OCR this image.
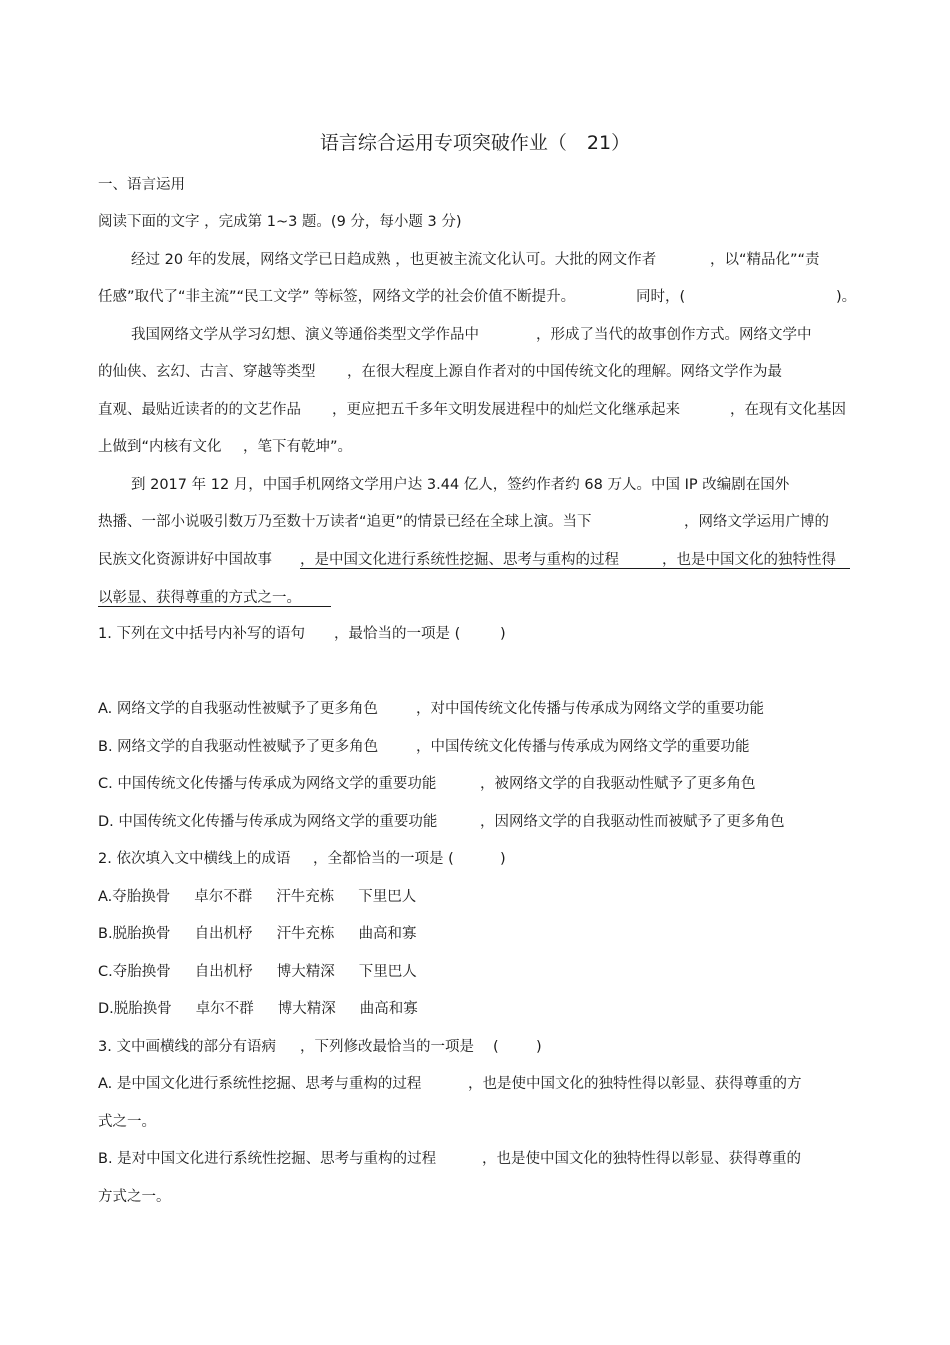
语言综合运用专项突破作业（ 21）
一、语言运用
阅读下面的文字 ，完成第 1~3 题。(9 分，每小题 3 分)
经过 20 年的发展，网络文学已日趋成熟 ，也更被主流文化认可。大批的网文作者	，以“精品化”“责
任感”取代了“非主流”“民工文学” 等标签，网络文学的社会价值不断提升。	同时，(	)。
我国网络文学从学习幻想、演义等通俗类型文学作品中	，形成了当代的故事创作方式。网络文学中
的仙侠、玄幻、古言、穿越等类型 ，在很大程度上源自作者对的中国传统文化的理解。网络文学作为最
直观、最贴近读者的的文艺作品 ，更应把五千多年文明发展进程中的灿烂文化继承起来	，在现有文化基因
上做到“内核有文化 ，笔下有乾坤”。
到 2017 年 12 月，中国手机网络文学用户达 3.44 亿人，签约作者约 68 万人。中国 IP 改编剧在国外
热播、一部小说吸引数万乃至数十万读者“追更”的情景已经在全球上演。当下	，网络文学运用广博的
民族文化资源讲好中国故事 ，是中国文化进行系统性挖掘、思考与重构的过程	，也是中国文化的独特性得
以彰显、获得尊重的方式之一。
1. 下列在文中括号内补写的语句 ，最恰当的一项是 (	)
A. 网络文学的自我驱动性被赋予了更多角色	，对中国传统文化传播与传承成为网络文学的重要功能
B. 网络文学的自我驱动性被赋予了更多角色	，中国传统文化传播与传承成为网络文学的重要功能
C. 中国传统文化传播与传承成为网络文学的重要功能	，被网络文学的自我驱动性赋予了更多角色
D. 中国传统文化传播与传承成为网络文学的重要功能	，因网络文学的自我驱动性而被赋予了更多角色
2. 依次填入文中横线上的成语 ，全都恰当的一项是 (	)
A.夺胎换骨 卓尔不群 汗牛充栋 下里巴人
B.脱胎换骨 自出机杼 汗牛充栋 曲高和寡
C.夺胎换骨 自出机杼 博大精深 下里巴人
D.脱胎换骨 卓尔不群 博大精深 曲高和寡
3. 文中画横线的部分有语病 ，下列修改最恰当的一项是 (	)
A. 是中国文化进行系统性挖掘、思考与重构的过程	，也是使中国文化的独特性得以彰显、获得尊重的方
式之一。
B. 是对中国文化进行系统性挖掘、思考与重构的过程	，也是使中国文化的独特性得以彰显、获得尊重的
方式之一。
